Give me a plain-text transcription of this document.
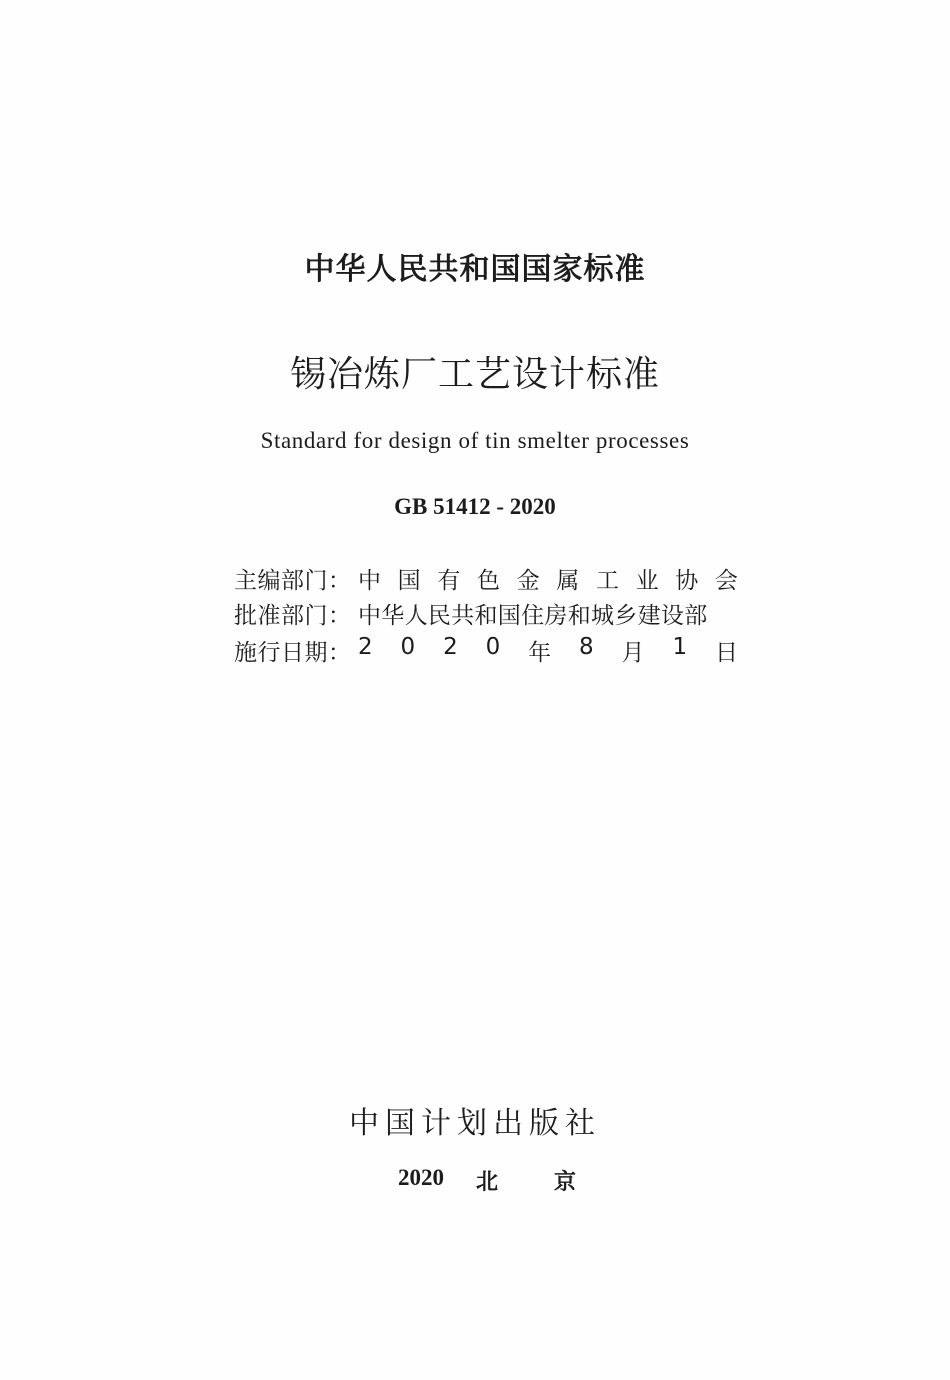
中华人民共和国国家标准
锡冶炼厂工艺设计标准
Standard for design of tin smelter processes
GB 51412 - 2020
主编部门： 中 国 有 色 金 属 工 业 协 会
批准部门： 中华人民共和国住房和城乡建设部
施行日期： 2 0 2 0 年 8 月 1 日
中国计划出版社
2020 北	京
